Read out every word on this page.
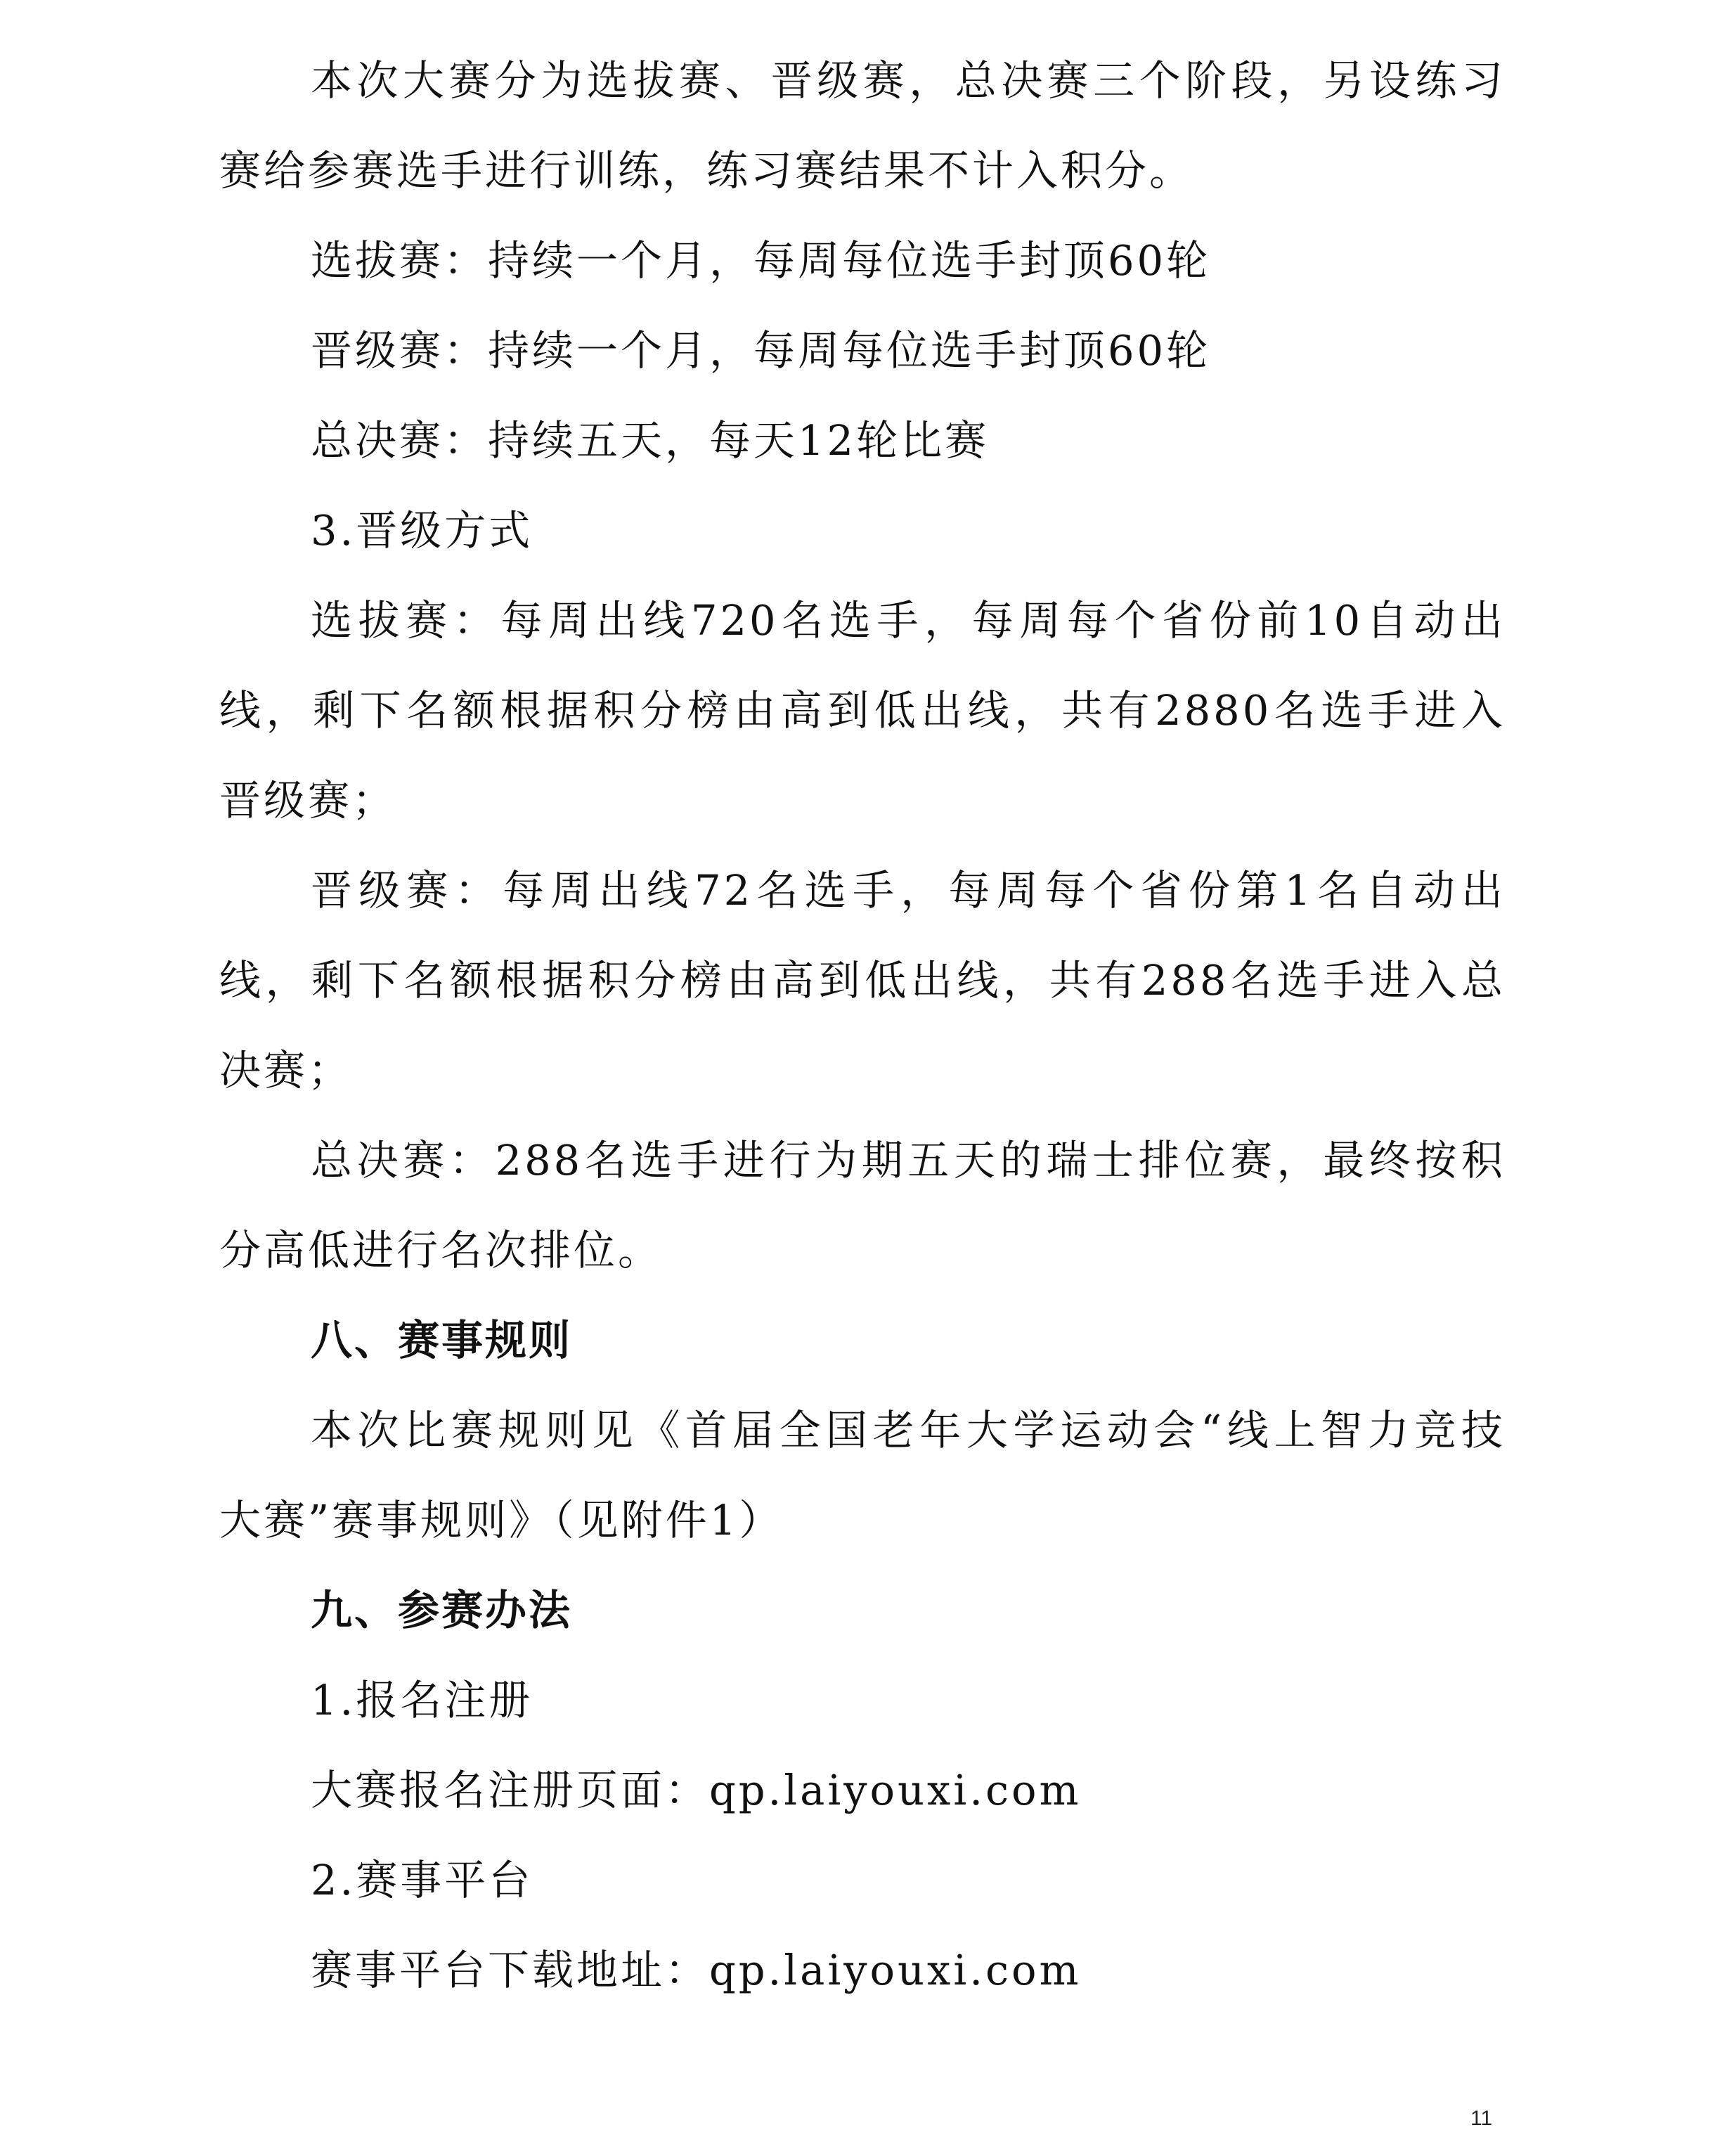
本次大赛分为选拔赛、晋级赛，总决赛三个阶段，另设练习
赛给参赛选手进行训练，练习赛结果不计入积分。
选拔赛：持续一个月，每周每位选手封顶60轮
晋级赛：持续一个月，每周每位选手封顶60轮
总决赛：持续五天，每天12轮比赛
3.晋级方式
选拔赛：每周出线720名选手，每周每个省份前10自动出
线，剩下名额根据积分榜由高到低出线，共有2880名选手进入
晋级赛；
晋级赛：每周出线72名选手，每周每个省份第1名自动出
线，剩下名额根据积分榜由高到低出线，共有288名选手进入总
决赛；
总决赛：288名选手进行为期五天的瑞士排位赛，最终按积
分高低进行名次排位。
八、赛事规则
本次比赛规则见《首届全国老年大学运动会“线上智力竞技
大赛”赛事规则》（见附件1）
九、参赛办法
1.报名注册
大赛报名注册页面：qp.laiyouxi.com
2.赛事平台
赛事平台下载地址：qp.laiyouxi.com
11
